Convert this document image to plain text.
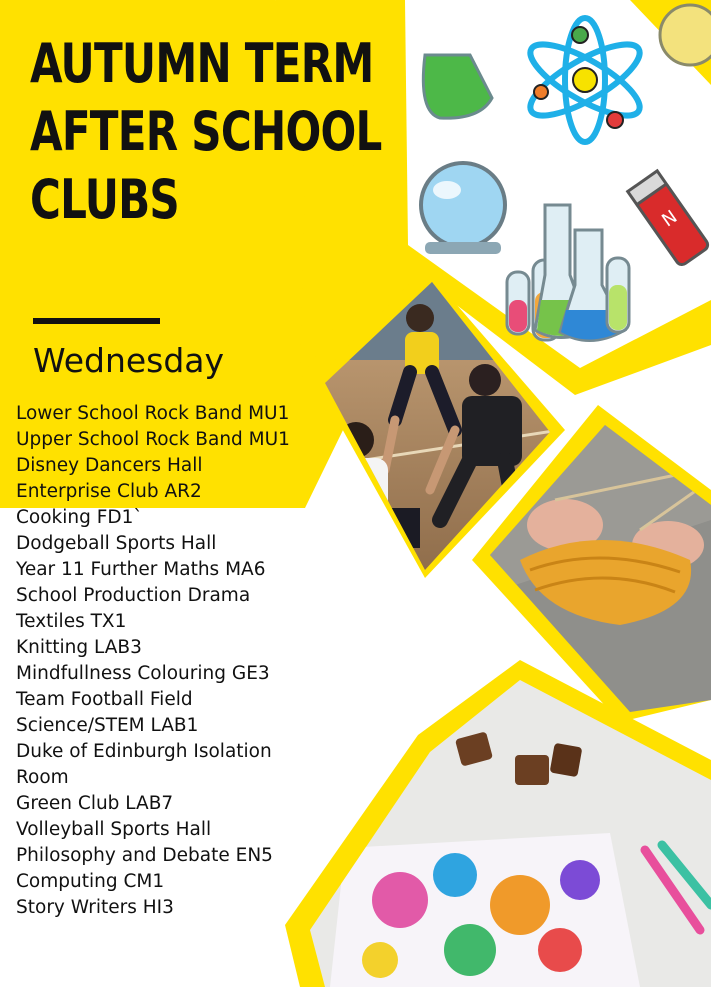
N
AUTUMN TERM
AFTER SCHOOL
CLUBS
Wednesday
Lower School Rock Band MU1
Upper School Rock Band MU1
Disney Dancers Hall
Enterprise Club AR2
Cooking FD1`
Dodgeball Sports Hall
Year 11 Further Maths MA6
School Production Drama
Textiles TX1
Knitting LAB3
Mindfullness Colouring GE3
Team Football Field
Science/STEM LAB1
Duke of Edinburgh Isolation Room
Green Club LAB7
Volleyball Sports Hall
Philosophy and Debate EN5
Computing CM1
Story Writers HI3
